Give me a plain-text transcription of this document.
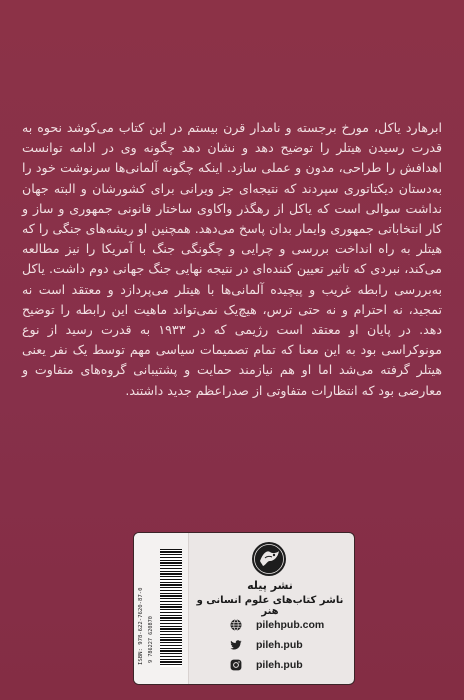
ابرهارد یاکل، مورخ برجسته و نامدار قرن بیستم در این کتاب می‌کوشد نحوه به قدرت رسیدن هیتلر را توضیح دهد و نشان دهد چگونه وی در ادامه توانست اهدافش را طراحی، مدون و عملی سازد. اینکه چگونه آلمانی‌ها سرنوشت خود را به‌دستان دیکتاتوری سپردند که نتیجه‌ای جز ویرانی برای کشورشان و البته جهان نداشت سوالی است که یاکل از رهگذر واکاوی ساختار قانونی جمهوری و ساز و کار انتخاباتی جمهوری وایمار بدان پاسخ می‌دهد. همچنین او ریشه‌های جنگی را که هیتلر به راه انداخت بررسی و چرایی و چگونگی جنگ با آمریکا را نیز مطالعه می‌کند، نبردی که تاثیر تعیین کننده‌ای در نتیجه نهایی جنگ جهانی دوم داشت. یاکل به‌بررسی رابطه غریب و پیچیده آلمانی‌ها با هیتلر می‌پردازد و معتقد است نه تمجید، نه احترام و نه حتی ترس، هیچ‌یک نمی‌تواند ماهیت این رابطه را توضیح دهد. در پایان او معتقد است رژیمی که در ۱۹۳۳ به قدرت رسید از نوع مونوکراسی بود به این معنا که تمام تصمیمات سیاسی مهم توسط یک نفر یعنی هیتلر گرفته می‌شد اما او هم نیازمند حمایت و پشتیبانی گروه‌های متفاوت و معارضی بود که انتظارات متفاوتی از صدراعظم جدید داشتند.

ISBN: 978-622-7620-87-0 9 786227 620870
نشر پیله
ناشر کتاب‌های علوم انسانی و هنر
pilehpub.com
pileh.pub
pileh.pub
